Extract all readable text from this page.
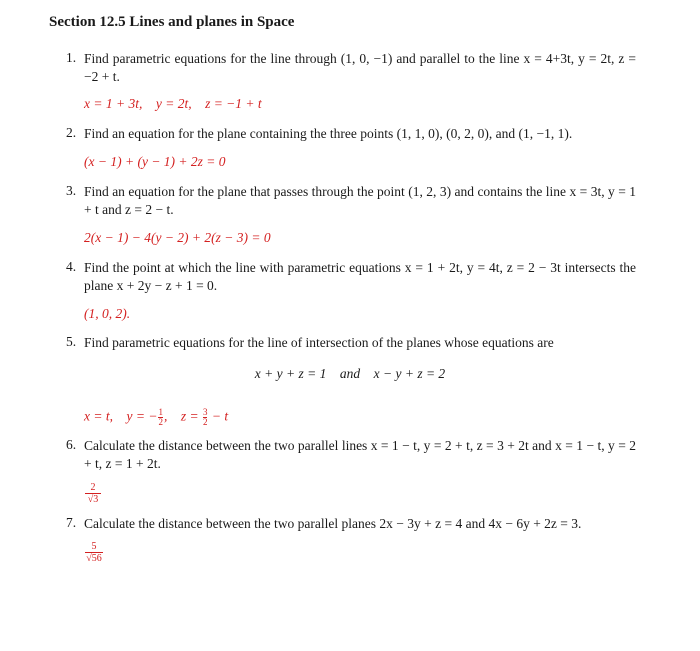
Section 12.5 Lines and planes in Space
1. Find parametric equations for the line through (1, 0, −1) and parallel to the line x = 4+3t, y = 2t, z = −2 + t.
x = 1 + 3t,    y = 2t,    z = −1 + t
2. Find an equation for the plane containing the three points (1, 1, 0), (0, 2, 0), and (1, −1, 1).
(x − 1) + (y − 1) + 2z = 0
3. Find an equation for the plane that passes through the point (1, 2, 3) and contains the line x = 3t, y = 1 + t and z = 2 − t.
2(x − 1) − 4(y − 2) + 2(z − 3) = 0
4. Find the point at which the line with parametric equations x = 1 + 2t, y = 4t, z = 2 − 3t intersects the plane x + 2y − z + 1 = 0.
(1, 0, 2).
5. Find parametric equations for the line of intersection of the planes whose equations are
x + y + z = 1    and    x − y + z = 2
x = t,    y = − $\frac{1}{2}$ ,    $z = \frac{3}{2} - t$
6. Calculate the distance between the two parallel lines x = 1 − t, y = 2 + t, z = 3 + 2t and x = 1 − t, y = 2 + t, z = 1 + 2t.
2
√3
7. Calculate the distance between the two parallel planes 2x − 3y + z = 4 and 4x − 6y + 2z = 3.
5
√56
